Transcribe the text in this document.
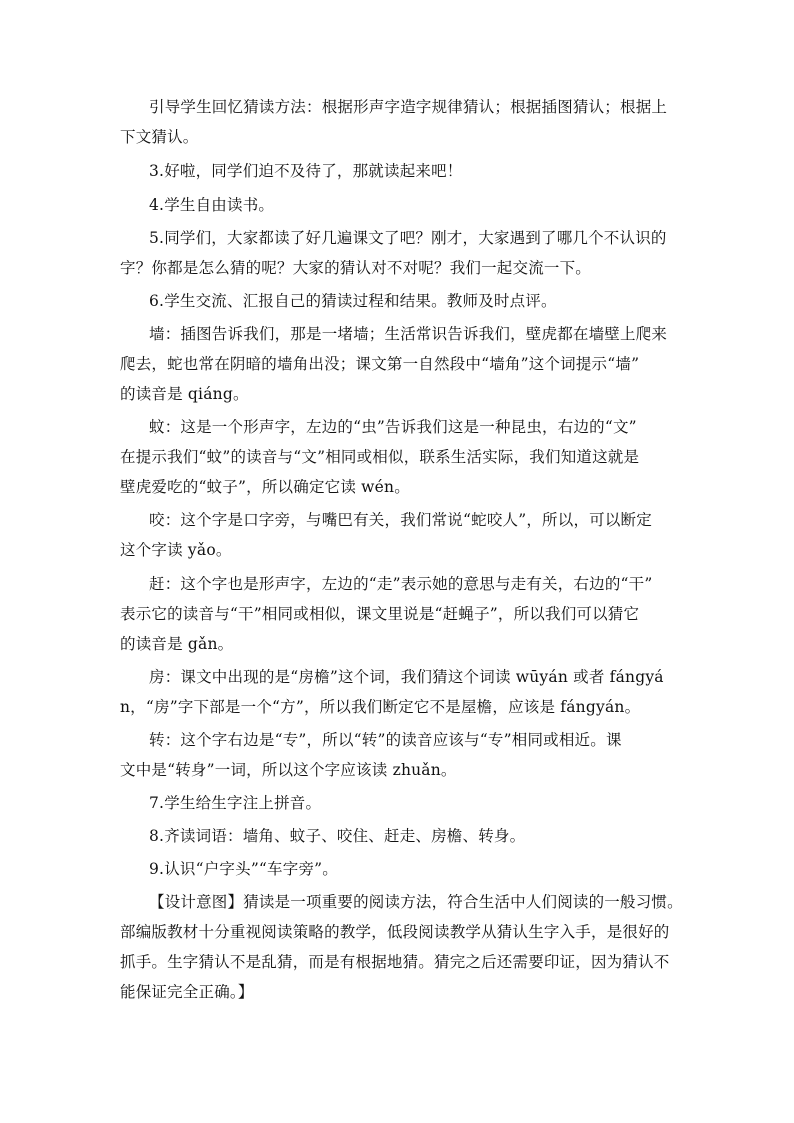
引导学生回忆猜读方法：根据形声字造字规律猜认；根据插图猜认；根据上
下文猜认。
3.好啦，同学们迫不及待了，那就读起来吧！
4.学生自由读书。
5.同学们，大家都读了好几遍课文了吧？刚才，大家遇到了哪几个不认识的
字？你都是怎么猜的呢？大家的猜认对不对呢？我们一起交流一下。
6.学生交流、汇报自己的猜读过程和结果。教师及时点评。
墙：插图告诉我们，那是一堵墙；生活常识告诉我们，壁虎都在墙壁上爬来
爬去，蛇也常在阴暗的墙角出没；课文第一自然段中“墙角”这个词提示“墙”
的读音是 qiáng。
蚊：这是一个形声字，左边的“虫”告诉我们这是一种昆虫，右边的“文”
在提示我们“蚊”的读音与“文”相同或相似，联系生活实际，我们知道这就是
壁虎爱吃的“蚊子”，所以确定它读 wén。
咬：这个字是口字旁，与嘴巴有关，我们常说“蛇咬人”，所以，可以断定
这个字读 yǎo。
赶：这个字也是形声字，左边的“走”表示她的意思与走有关，右边的“干”
表示它的读音与“干”相同或相似，课文里说是“赶蝇子”，所以我们可以猜它
的读音是 gǎn。
房：课文中出现的是“房檐”这个词，我们猜这个词读 wūyán 或者 fángyá
n，“房”字下部是一个“方”，所以我们断定它不是屋檐，应该是 fángyán。
转：这个字右边是“专”，所以“转”的读音应该与“专”相同或相近。课
文中是“转身”一词，所以这个字应该读 zhuǎn。
7.学生给生字注上拼音。
8.齐读词语：墙角、蚊子、咬住、赶走、房檐、转身。
9.认识“户字头”“车字旁”。
【设计意图】猜读是一项重要的阅读方法，符合生活中人们阅读的一般习惯。
部编版教材十分重视阅读策略的教学，低段阅读教学从猜认生字入手，是很好的
抓手。生字猜认不是乱猜，而是有根据地猜。猜完之后还需要印证，因为猜认不
能保证完全正确。】
